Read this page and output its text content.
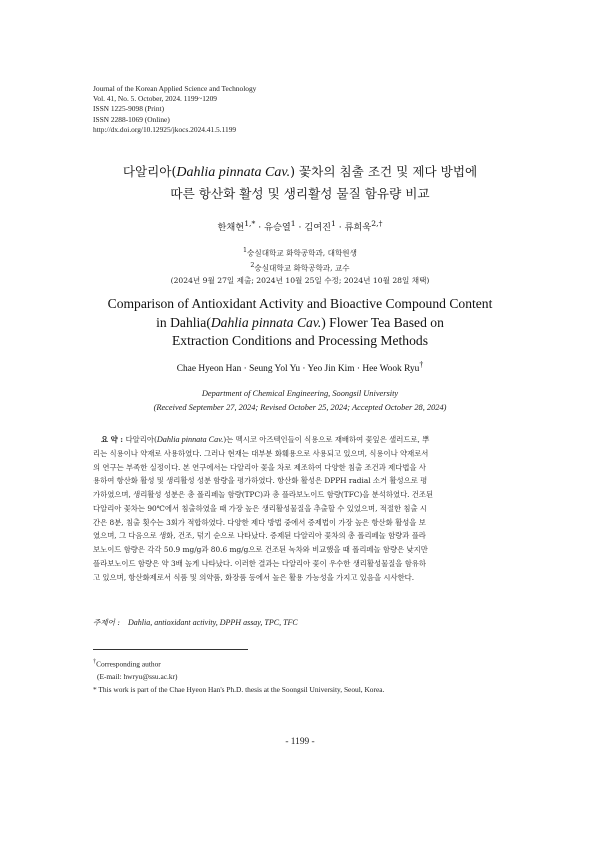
Journal of the Korean Applied Science and Technology
Vol. 41, No. 5. October, 2024. 1199~1209
ISSN 1225-9098 (Print)
ISSN 2288-1069 (Online)
http://dx.doi.org/10.12925/jkocs.2024.41.5.1199
다알리아(Dahlia pinnata Cav.) 꽃차의 침출 조건 및 제다 방법에
따른 항산화 활성 및 생리활성 물질 함유량 비교
한채현$^{1,*}$ · 유승열$^1$ · 김여진$^1$ · 류희욱$^{2,\dagger}$
$^1$숭실대학교 화학공학과, 대학원생
$^2$숭실대학교 화학공학과, 교수
(2024년 9월 27일 제출; 2024년 10월 25일 수정; 2024년 10월 28일 채택)
Comparison of Antioxidant Activity and Bioactive Compound Content
in Dahlia(Dahlia pinnata Cav.) Flower Tea Based on
Extraction Conditions and Processing Methods
Chae Hyeon Han · Seung Yol Yu · Yeo Jin Kim · Hee Wook Ryu†
Department of Chemical Engineering, Soongsil University
(Received September 27, 2024; Revised October 25, 2024; Accepted October 28, 2024)
요 약 : 다알리아(Dahlia pinnata Cav.)는 멕시코 아즈텍인들이 식용으로 재배하여 꽃잎은 샐러드로, 뿌
리는 식용이나 약재로 사용하였다. 그러나 현재는 대부분 화훼용으로 사용되고 있으며, 식용이나 약재로서
의 연구는 부족한 실정이다. 본 연구에서는 다알리아 꽃을 차로 제조하여 다양한 침출 조건과 제다법을 사
용하여 항산화 활성 및 생리활성 성분 함량을 평가하였다. 항산화 활성은 DPPH radial 소거 활성으로 평
가하였으며, 생리활성 성분은 총 폴리페놀 함량(TPC)과 총 플라보노이드 함량(TFC)을 분석하였다. 건조된
다알리아 꽃차는 90℃에서 침출하였을 때 가장 높은 생리활성물질을 추출할 수 있었으며, 적절한 침출 시
간은 8분, 침출 횟수는 3회가 적합하였다. 다양한 제다 방법 중에서 증제법이 가장 높은 항산화 활성을 보
였으며, 그 다음으로 생화, 건조, 덖기 순으로 나타났다. 증제된 다알리아 꽃차의 총 폴리페놀 함량과 플라
보노이드 함량은 각각 50.9 mg/g과 80.6 mg/g으로 건조된 녹차와 비교했을 때 폴리페놀 함량은 낮지만
플라보노이드 함량은 약 3배 높게 나타났다. 이러한 결과는 다알리아 꽃이 우수한 생리활성물질을 함유하
고 있으며, 항산화제로서 식품 및 의약품, 화장품 등에서 높은 활용 가능성을 가지고 있음을 시사한다.
주제어 : Dahlia, antioxidant activity, DPPH assay, TPC, TFC
†Corresponding author
(E-mail: hwryu@ssu.ac.kr)
* This work is part of the Chae Hyeon Han's Ph.D. thesis at the Soongsil University, Seoul, Korea.
- 1199 -
